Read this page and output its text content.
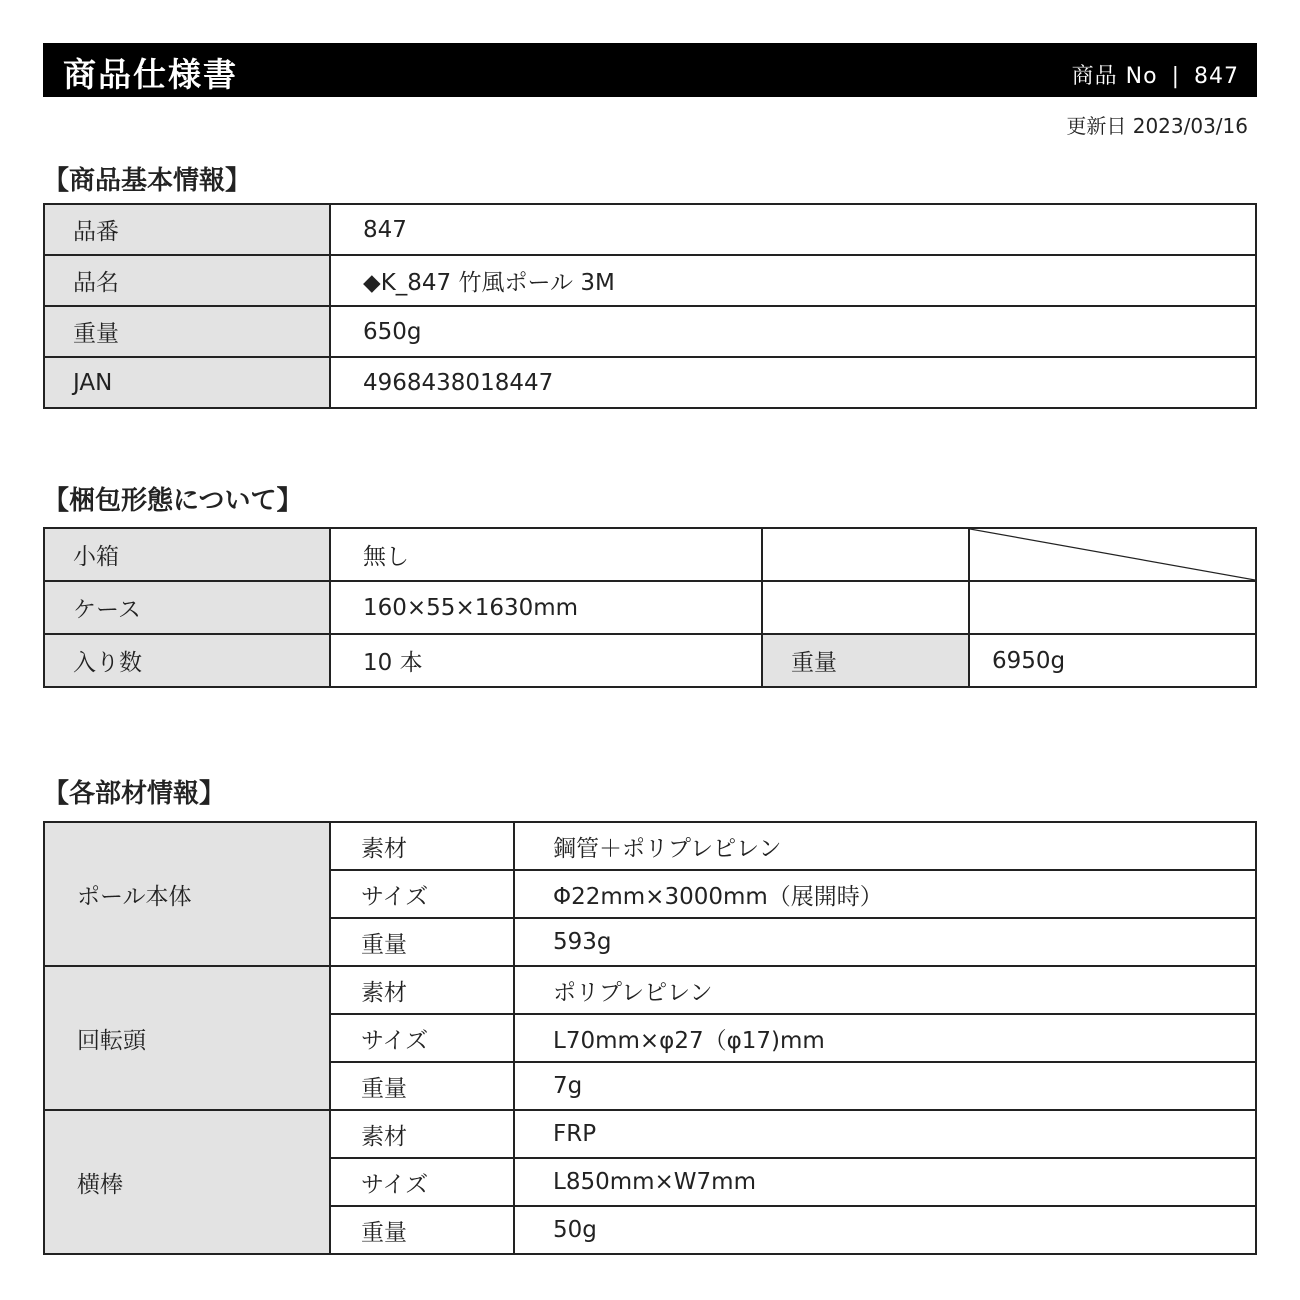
商品仕様書	商品 No | 847
更新日 2023/03/16
【商品基本情報】
品番	847
品名	◆K_847 竹風ポール 3M
重量	650g
JAN	4968438018447
【梱包形態について】
小箱	無し		

ケース	160×55×1630mm		
入り数	10 本	重量	6950g
【各部材情報】
ポール本体	素材	鋼管＋ポリプレピレン
	サイズ	Φ22mm×3000mm（展開時）
	重量	593g
回転頭	素材	ポリプレピレン
	サイズ	L70mm×φ27（φ17)mm
	重量	7g
横棒	素材	FRP
	サイズ	L850mm×W7mm
	重量	50g
